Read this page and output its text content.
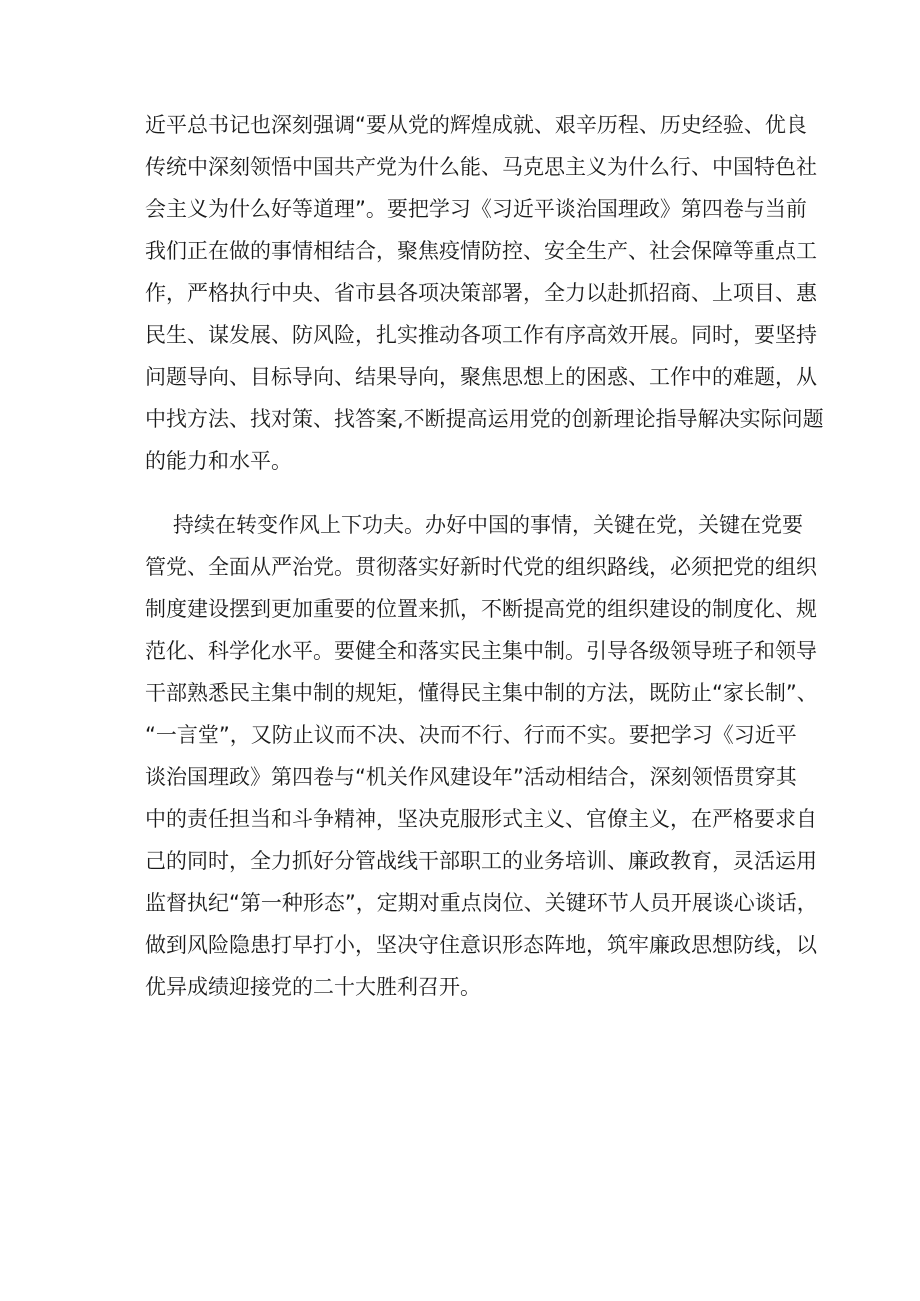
近平总书记也深刻强调“要从党的辉煌成就、艰辛历程、历史经验、优良

传统中深刻领悟中国共产党为什么能、马克思主义为什么行、中国特色社

会主义为什么好等道理”。要把学习《习近平谈治国理政》第四卷与当前

我们正在做的事情相结合，聚焦疫情防控、安全生产、社会保障等重点工

作，严格执行中央、省市县各项决策部署，全力以赴抓招商、上项目、惠

民生、谋发展、防风险，扎实推动各项工作有序高效开展。同时，要坚持

问题导向、目标导向、结果导向，聚焦思想上的困惑、工作中的难题，从

中找方法、找对策、找答案,不断提高运用党的创新理论指导解决实际问题

的能力和水平。

持续在转变作风上下功夫。办好中国的事情，关键在党，关键在党要

管党、全面从严治党。贯彻落实好新时代党的组织路线，必须把党的组织

制度建设摆到更加重要的位置来抓，不断提高党的组织建设的制度化、规

范化、科学化水平。要健全和落实民主集中制。引导各级领导班子和领导

干部熟悉民主集中制的规矩，懂得民主集中制的方法，既防止“家长制”、

“一言堂”，又防止议而不决、决而不行、行而不实。要把学习《习近平

谈治国理政》第四卷与“机关作风建设年”活动相结合，深刻领悟贯穿其

中的责任担当和斗争精神，坚决克服形式主义、官僚主义，在严格要求自

己的同时，全力抓好分管战线干部职工的业务培训、廉政教育，灵活运用

监督执纪“第一种形态”，定期对重点岗位、关键环节人员开展谈心谈话，

做到风险隐患打早打小，坚决守住意识形态阵地，筑牢廉政思想防线，以

优异成绩迎接党的二十大胜利召开。
